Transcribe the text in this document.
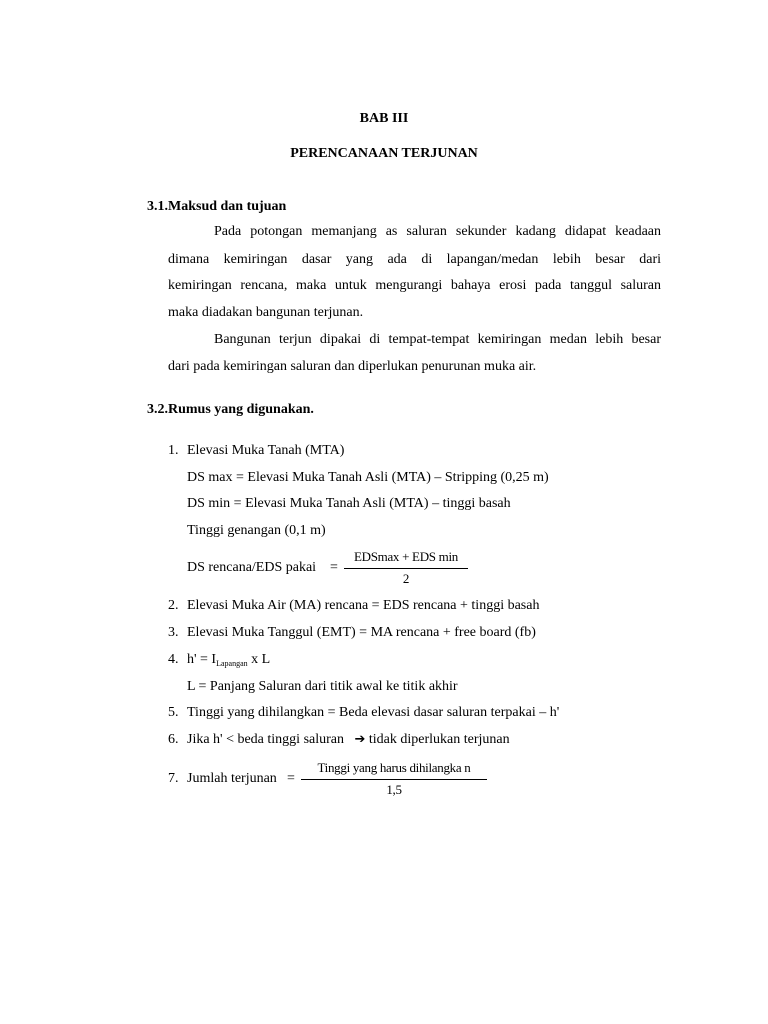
BAB III
PERENCANAAN TERJUNAN
3.1.Maksud dan tujuan
Pada potongan memanjang as saluran sekunder kadang didapat keadaan
dimana kemiringan dasar yang ada di lapangan/medan lebih besar dari
kemiringan rencana, maka untuk mengurangi bahaya erosi pada tanggul saluran
maka diadakan bangunan terjunan.
Bangunan terjun dipakai di tempat-tempat kemiringan medan lebih besar
dari pada kemiringan saluran dan diperlukan penurunan muka air.
3.2.Rumus yang digunakan.
1. Elevasi Muka Tanah (MTA)
DS max = Elevasi Muka Tanah Asli (MTA) – Stripping (0,25 m)
DS min = Elevasi Muka Tanah Asli (MTA) – tinggi basah
Tinggi genangan (0,1 m)
DS rencana/EDS pakai =
EDSmax + EDS min
2
2. Elevasi Muka Air (MA) rencana = EDS rencana + tinggi basah
3. Elevasi Muka Tanggul (EMT) = MA rencana + free board (fb)
4. $h' = I_{Lapangan}$ x L
L = Panjang Saluran dari titik awal ke titik akhir
5. Tinggi yang dihilangkan = Beda elevasi dasar saluran terpakai – h'
6. Jika h' < beda tinggi saluran ➔ tidak diperlukan terjunan
7. Jumlah terjunan =
Tinggi yang harus dihilangka n
1,5
